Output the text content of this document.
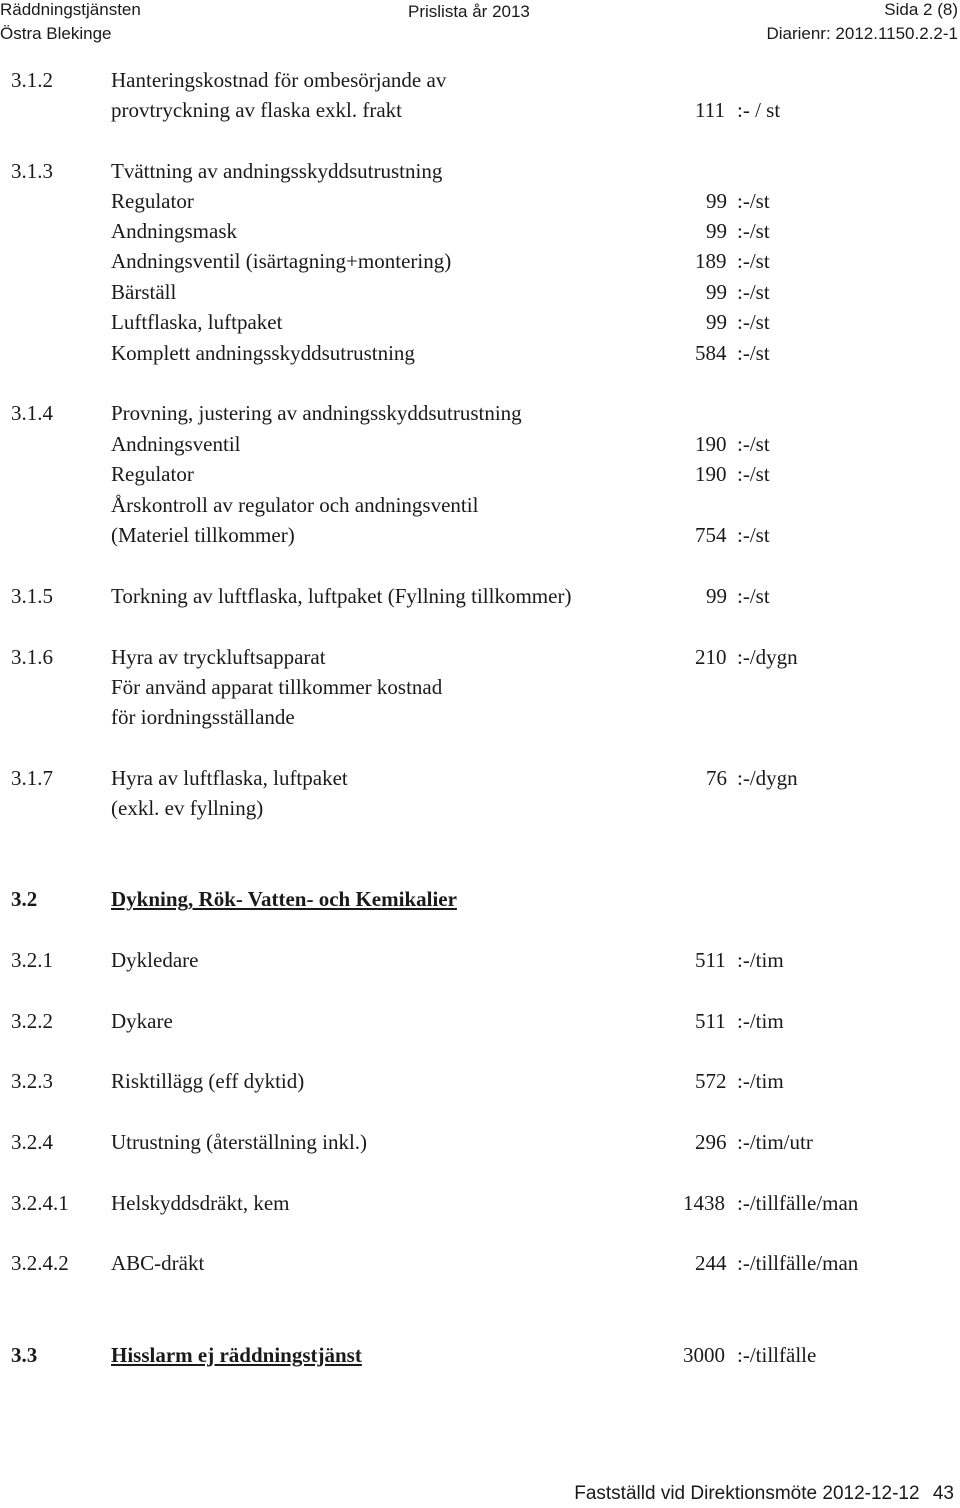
Räddningstjänsten
Östra Blekinge
Prislista år 2013	Sida 2 (8)
Diarienr: 2012.1150.2.2-1
3.1.2	Hanteringskostnad för ombesörjande av
provtryckning av flaska exkl. frakt	111 :- / st
3.1.3	Tvättning av andningsskyddsutrustning
Regulator	99 :-/st
Andningsmask	99 :-/st
Andningsventil (isärtagning+montering)	189 :-/st
Bärställ	99 :-/st
Luftflaska, luftpaket	99 :-/st
Komplett andningsskyddsutrustning	584 :-/st
3.1.4	Provning, justering av andningsskyddsutrustning
Andningsventil	190 :-/st
Regulator	190 :-/st
Årskontroll av regulator och andningsventil
(Materiel tillkommer)	754 :-/st
3.1.5	Torkning av luftflaska, luftpaket (Fyllning tillkommer)	99 :-/st
3.1.6	Hyra av tryckluftsapparat	210 :-/dygn
För använd apparat tillkommer kostnad
för iordningsställande
3.1.7	Hyra av luftflaska, luftpaket	76 :-/dygn
(exkl. ev fyllning)
3.2	Dykning, Rök- Vatten- och Kemikalier
3.2.1	Dykledare	511 :-/tim
3.2.2	Dykare	511 :-/tim
3.2.3	Risktillägg (eff dyktid)	572 :-/tim
3.2.4	Utrustning (återställning inkl.)	296 :-/tim/utr
3.2.4.1 Helskyddsdräkt, kem	1438 :-/tillfälle/man
3.2.4.2 ABC-dräkt	244 :-/tillfälle/man
3.3	Hisslarm ej räddningstjänst	3000 :-/tillfälle
Fastställd vid Direktionsmöte 2012-12-12 43
